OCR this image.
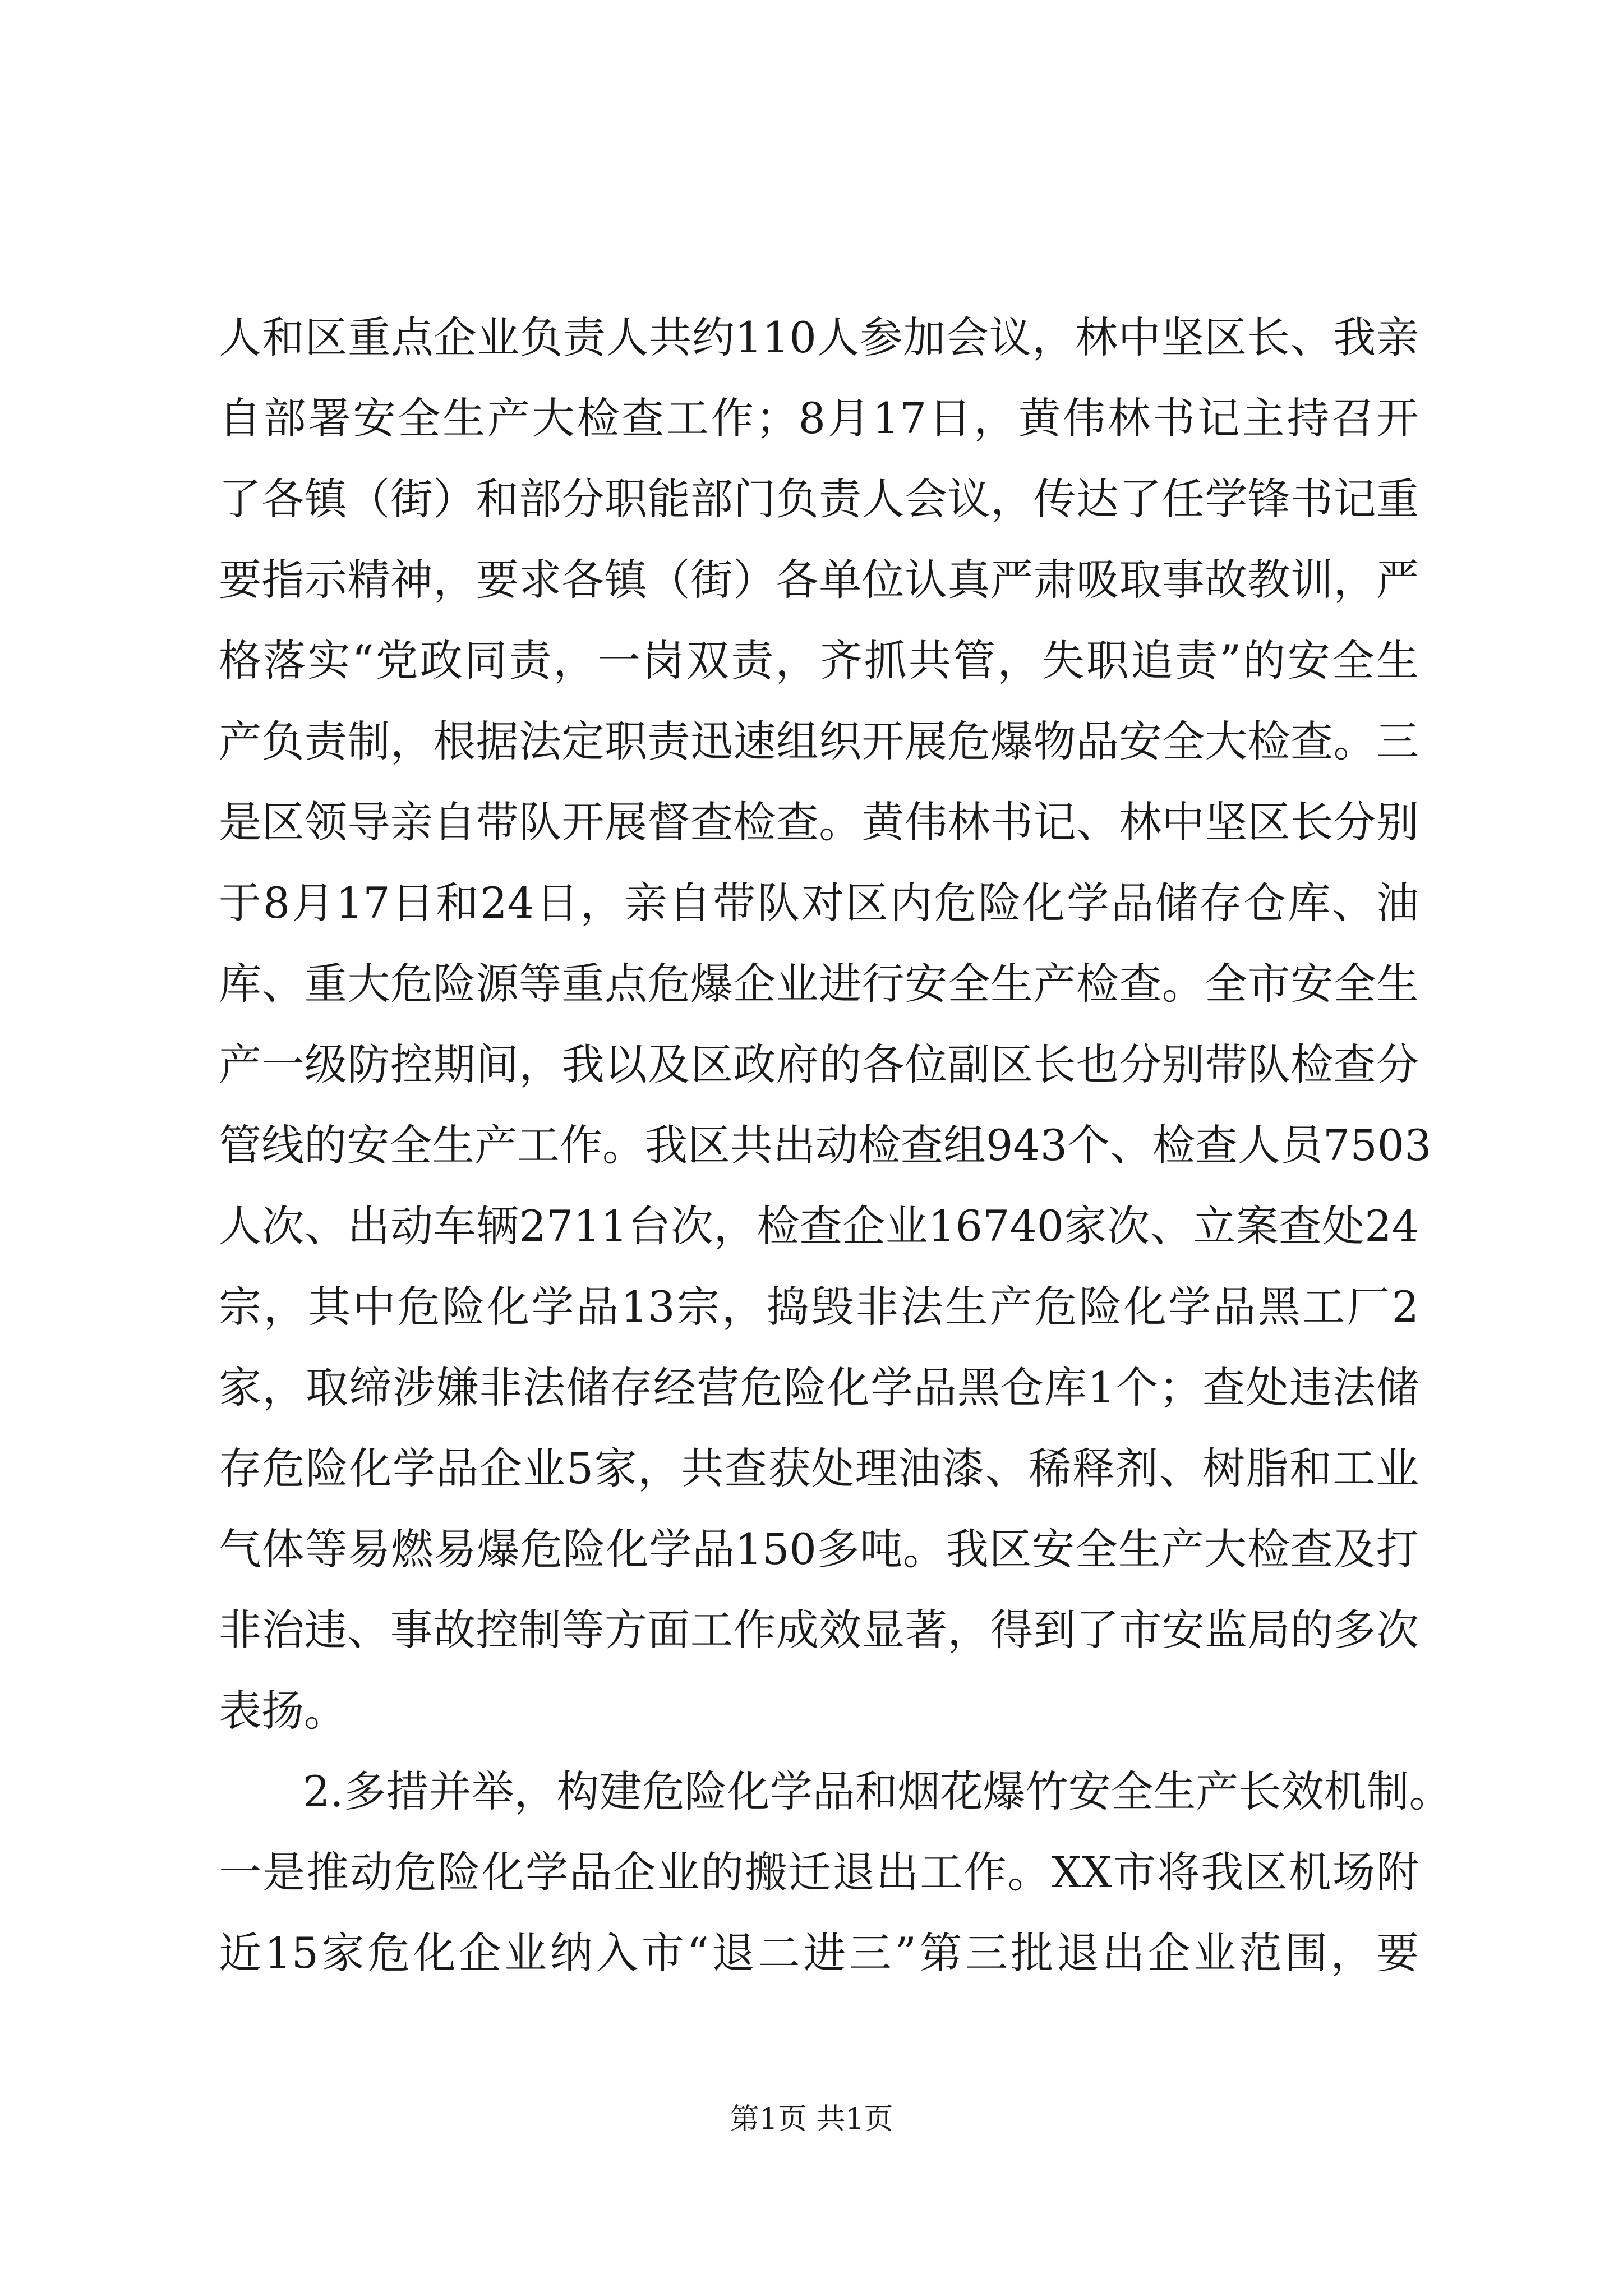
人和区重点企业负责人共约110人参加会议，林中坚区长、我亲
自部署安全生产大检查工作；8月17日，黄伟林书记主持召开
了各镇（街）和部分职能部门负责人会议，传达了任学锋书记重
要指示精神，要求各镇（街）各单位认真严肃吸取事故教训，严
格落实“党政同责，一岗双责，齐抓共管，失职追责”的安全生
产负责制，根据法定职责迅速组织开展危爆物品安全大检查。三
是区领导亲自带队开展督查检查。黄伟林书记、林中坚区长分别
于8月17日和24日，亲自带队对区内危险化学品储存仓库、油
库、重大危险源等重点危爆企业进行安全生产检查。全市安全生
产一级防控期间，我以及区政府的各位副区长也分别带队检查分
管线的安全生产工作。我区共出动检查组943个、检查人员7503
人次、出动车辆2711台次，检查企业16740家次、立案查处24
宗，其中危险化学品13宗，捣毁非法生产危险化学品黑工厂2
家，取缔涉嫌非法储存经营危险化学品黑仓库1个；查处违法储
存危险化学品企业5家，共查获处理油漆、稀释剂、树脂和工业
气体等易燃易爆危险化学品150多吨。我区安全生产大检查及打
非治违、事故控制等方面工作成效显著，得到了市安监局的多次
表扬。
2.多措并举，构建危险化学品和烟花爆竹安全生产长效机制。
一是推动危险化学品企业的搬迁退出工作。XX市将我区机场附
近15家危化企业纳入市“退二进三”第三批退出企业范围，要
第1页 共1页
